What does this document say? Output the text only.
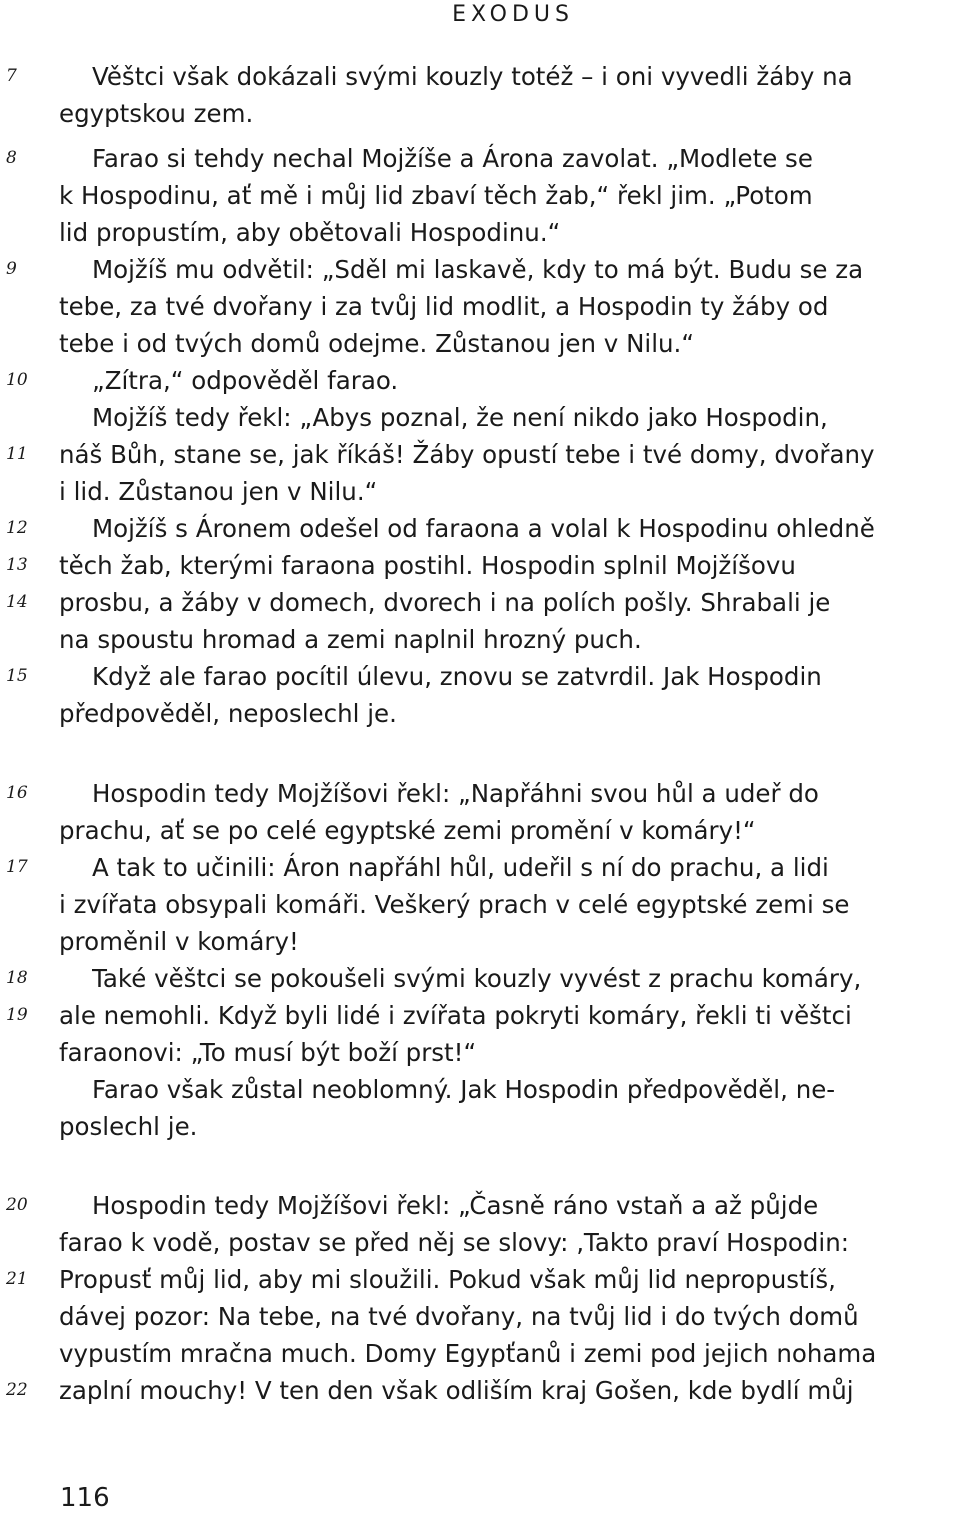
EXODUS
7
8
9
10
11
12
13
14
15
16
17
18
19
20
21
22
Věštci však dokázali svými kouzly totéž – i oni vyvedli žáby na
egyptskou zem.
Farao si tehdy nechal Mojžíše a Árona zavolat. „Modlete se
k Hospodinu, ať mě i můj lid zbaví těch žab,“ řekl jim. „Potom
lid propustím, aby obětovali Hospodinu.“
Mojžíš mu odvětil: „Sděl mi laskavě, kdy to má být. Budu se za
tebe, za tvé dvořany i za tvůj lid modlit, a Hospodin ty žáby od
tebe i od tvých domů odejme. Zůstanou jen v Nilu.“
„Zítra,“ odpověděl farao.
Mojžíš tedy řekl: „Abys poznal, že není nikdo jako Hospodin,
náš Bůh, stane se, jak říkáš! Žáby opustí tebe i tvé domy, dvořany
i lid. Zůstanou jen v Nilu.“
Mojžíš s Áronem odešel od faraona a volal k Hospodinu ohledně
těch žab, kterými faraona postihl. Hospodin splnil Mojžíšovu
prosbu, a žáby v domech, dvorech i na polích pošly. Shrabali je
na spoustu hromad a zemi naplnil hrozný puch.
Když ale farao pocítil úlevu, znovu se zatvrdil. Jak Hospodin
předpověděl, neposlechl je.
Hospodin tedy Mojžíšovi řekl: „Napřáhni svou hůl a udeř do
prachu, ať se po celé egyptské zemi promění v komáry!“
A tak to učinili: Áron napřáhl hůl, udeřil s ní do prachu, a lidi
i zvířata obsypali komáři. Veškerý prach v celé egyptské zemi se
proměnil v komáry!
Také věštci se pokoušeli svými kouzly vyvést z prachu komáry,
ale nemohli. Když byli lidé i zvířata pokryti komáry, řekli ti věštci
faraonovi: „To musí být boží prst!“
Farao však zůstal neoblomný. Jak Hospodin předpověděl, ne-
poslechl je.
Hospodin tedy Mojžíšovi řekl: „Časně ráno vstaň a až půjde
farao k vodě, postav se před něj se slovy: ‚Takto praví Hospodin:
Propusť můj lid, aby mi sloužili. Pokud však můj lid nepropustíš,
dávej pozor: Na tebe, na tvé dvořany, na tvůj lid i do tvých domů
vypustím mračna much. Domy Egypťanů i zemi pod jejich nohama
zaplní mouchy! V ten den však odliším kraj Gošen, kde bydlí můj
116
